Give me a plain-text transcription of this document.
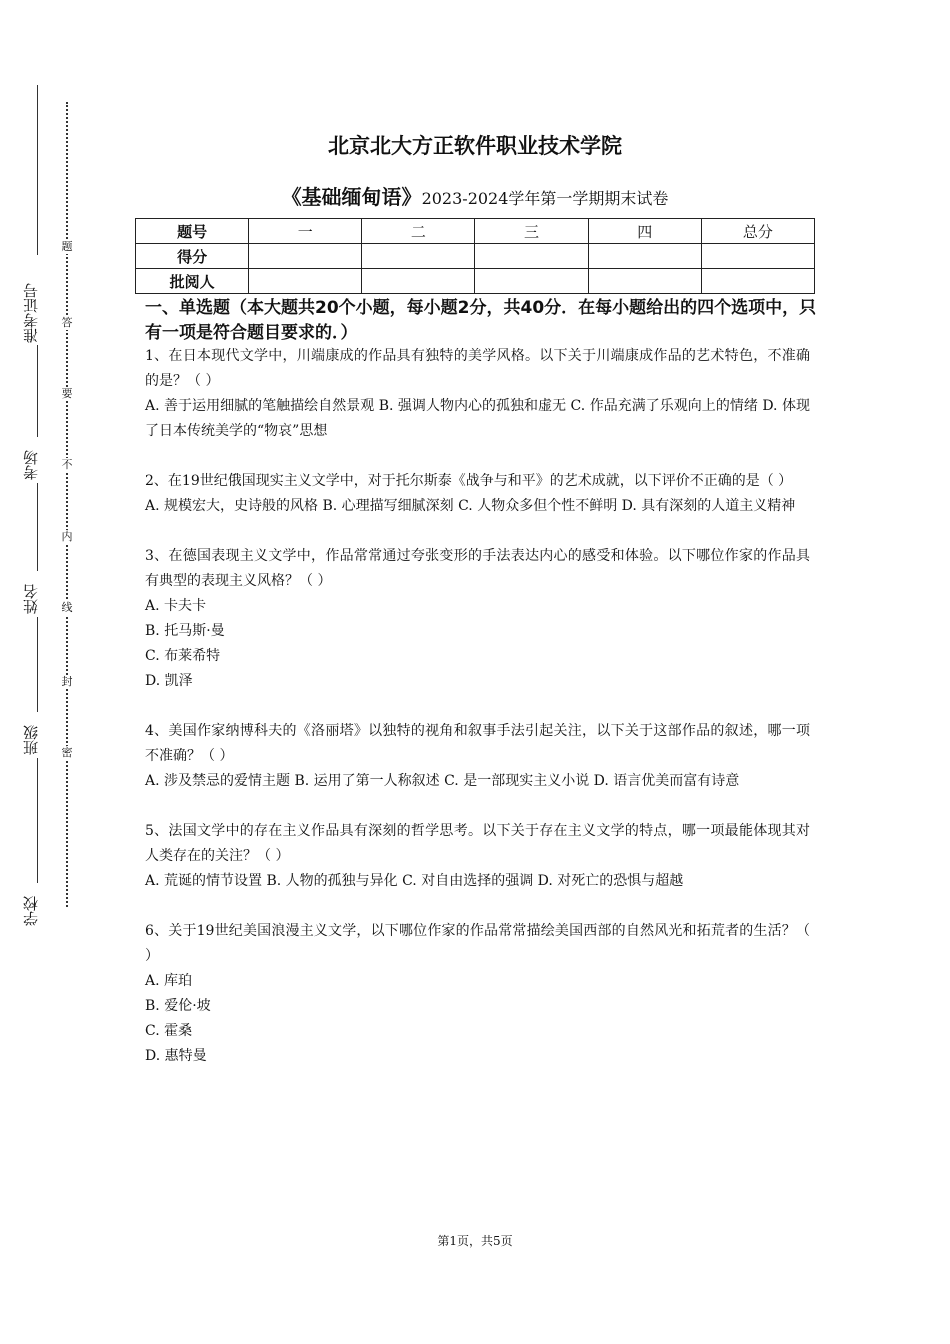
准考证号
考场
姓名
班级
学校
题
答
要
不
内
线
封
密
北京北大方正软件职业技术学院
《基础缅甸语》2023-2024学年第一学期期末试卷
题号	一	二	三	四	总分
得分					
批阅人					
一、单选题（本大题共20个小题，每小题2分，共40分．在每小题给出的四个选项中，只有一项是符合题目要求的．）

1、在日本现代文学中，川端康成的作品具有独特的美学风格。以下关于川端康成作品的艺术特色，不准确的是？（ ）

A. 善于运用细腻的笔触描绘自然景观 B. 强调人物内心的孤独和虚无 C. 作品充满了乐观向上的情绪 D. 体现了日本传统美学的“物哀”思想

2、在19世纪俄国现实主义文学中，对于托尔斯泰《战争与和平》的艺术成就，以下评价不正确的是（ ）

A. 规模宏大，史诗般的风格 B. 心理描写细腻深刻 C. 人物众多但个性不鲜明 D. 具有深刻的人道主义精神

3、在德国表现主义文学中，作品常常通过夸张变形的手法表达内心的感受和体验。以下哪位作家的作品具有典型的表现主义风格？（ ）

A. 卡夫卡

B. 托马斯·曼

C. 布莱希特

D. 凯泽

4、美国作家纳博科夫的《洛丽塔》以独特的视角和叙事手法引起关注，以下关于这部作品的叙述，哪一项不准确？（ ）

A. 涉及禁忌的爱情主题 B. 运用了第一人称叙述 C. 是一部现实主义小说 D. 语言优美而富有诗意

5、法国文学中的存在主义作品具有深刻的哲学思考。以下关于存在主义文学的特点，哪一项最能体现其对人类存在的关注？（ ）

A. 荒诞的情节设置 B. 人物的孤独与异化 C. 对自由选择的强调 D. 对死亡的恐惧与超越

6、关于19世纪美国浪漫主义文学，以下哪位作家的作品常常描绘美国西部的自然风光和拓荒者的生活？（ ）

A. 库珀

B. 爱伦·坡

C. 霍桑

D. 惠特曼

第1页，共5页
